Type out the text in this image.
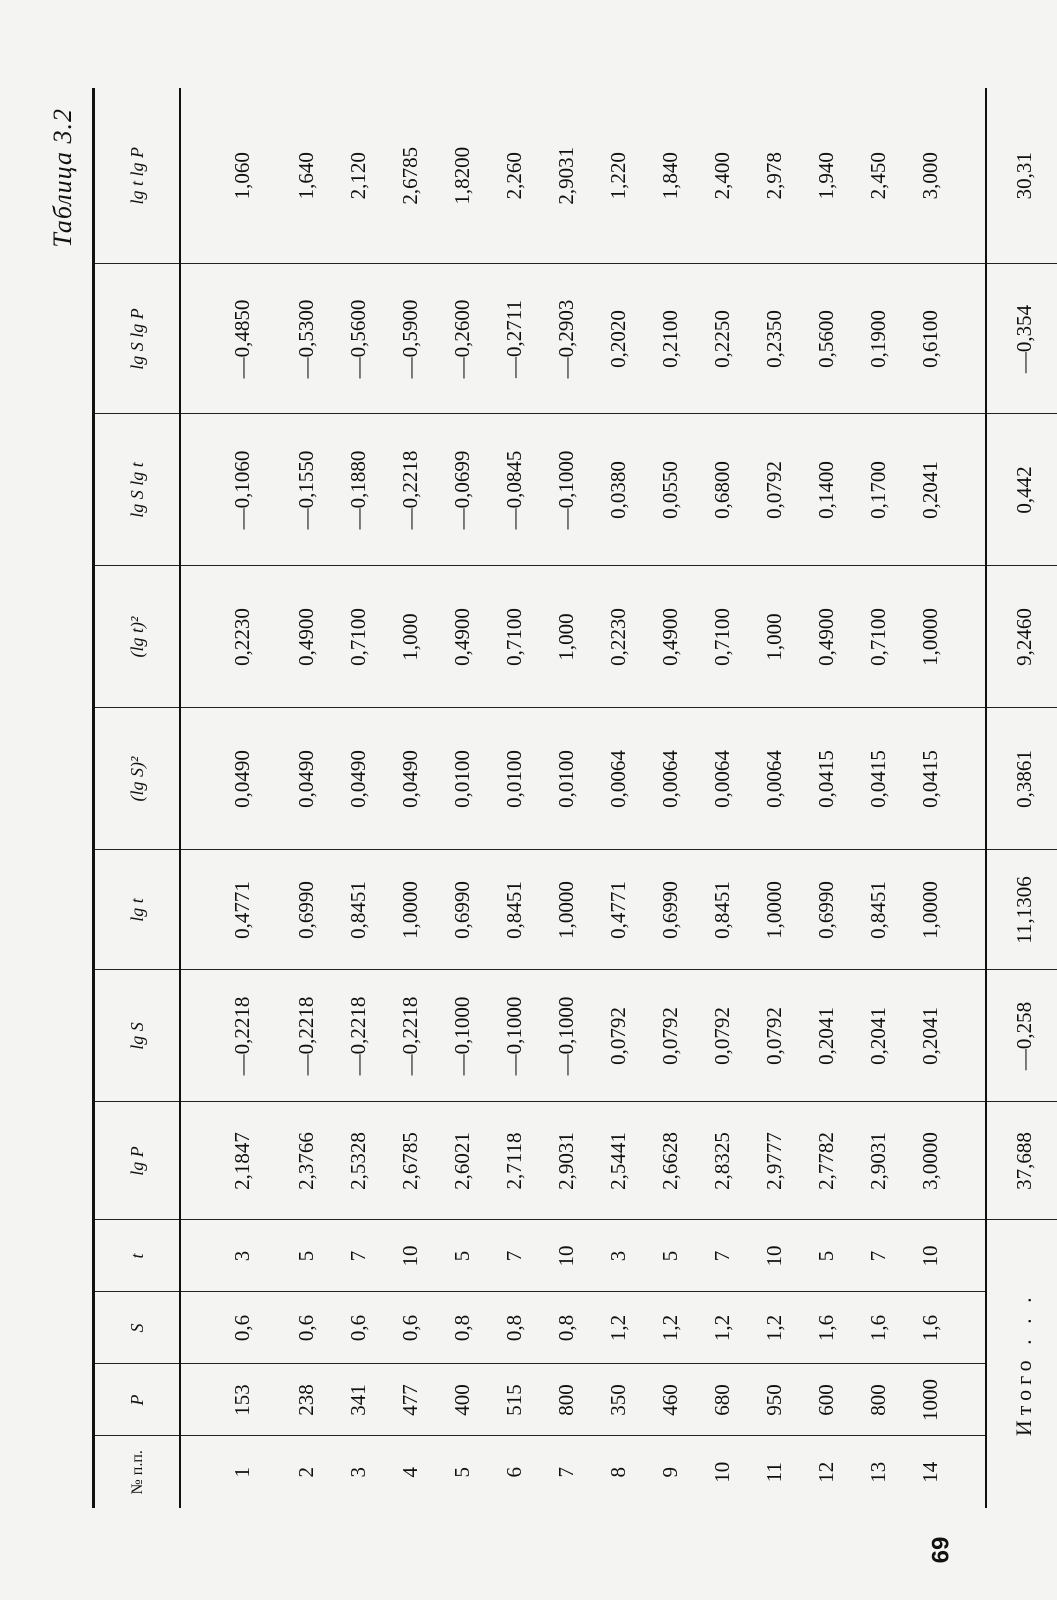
Таблица 3.2
№ п.п.	P	S	t	lg P	lg S	lg t	(lg S)²	(lg t)²	lg S lg t	lg S lg P	lg t lg P
1	153	0,6	3	2,1847	—0,2218	0,4771	0,0490	0,2230	—0,1060	—0,4850	1,060
2	238	0,6	5	2,3766	—0,2218	0,6990	0,0490	0,4900	—0,1550	—0,5300	1,640
3	341	0,6	7	2,5328	—0,2218	0,8451	0,0490	0,7100	—0,1880	—0,5600	2,120
4	477	0,6	10	2,6785	—0,2218	1,0000	0,0490	1,000	—0,2218	—0,5900	2,6785
5	400	0,8	5	2,6021	—0,1000	0,6990	0,0100	0,4900	—0,0699	—0,2600	1,8200
6	515	0,8	7	2,7118	—0,1000	0,8451	0,0100	0,7100	—0,0845	—0,2711	2,260
7	800	0,8	10	2,9031	—0,1000	1,0000	0,0100	1,000	—0,1000	—0,2903	2,9031
8	350	1,2	3	2,5441	0,0792	0,4771	0,0064	0,2230	0,0380	0,2020	1,220
9	460	1,2	5	2,6628	0,0792	0,6990	0,0064	0,4900	0,0550	0,2100	1,840
10	680	1,2	7	2,8325	0,0792	0,8451	0,0064	0,7100	0,6800	0,2250	2,400
11	950	1,2	10	2,9777	0,0792	1,0000	0,0064	1,000	0,0792	0,2350	2,978
12	600	1,6	5	2,7782	0,2041	0,6990	0,0415	0,4900	0,1400	0,5600	1,940
13	800	1,6	7	2,9031	0,2041	0,8451	0,0415	0,7100	0,1700	0,1900	2,450
14	1000	1,6	10	3,0000	0,2041	1,0000	0,0415	1,0000	0,2041	0,6100	3,000
Итого . . .				37,688	—0,258	11,1306	0,3861	9,2460	0,442	—0,354	30,31
69
